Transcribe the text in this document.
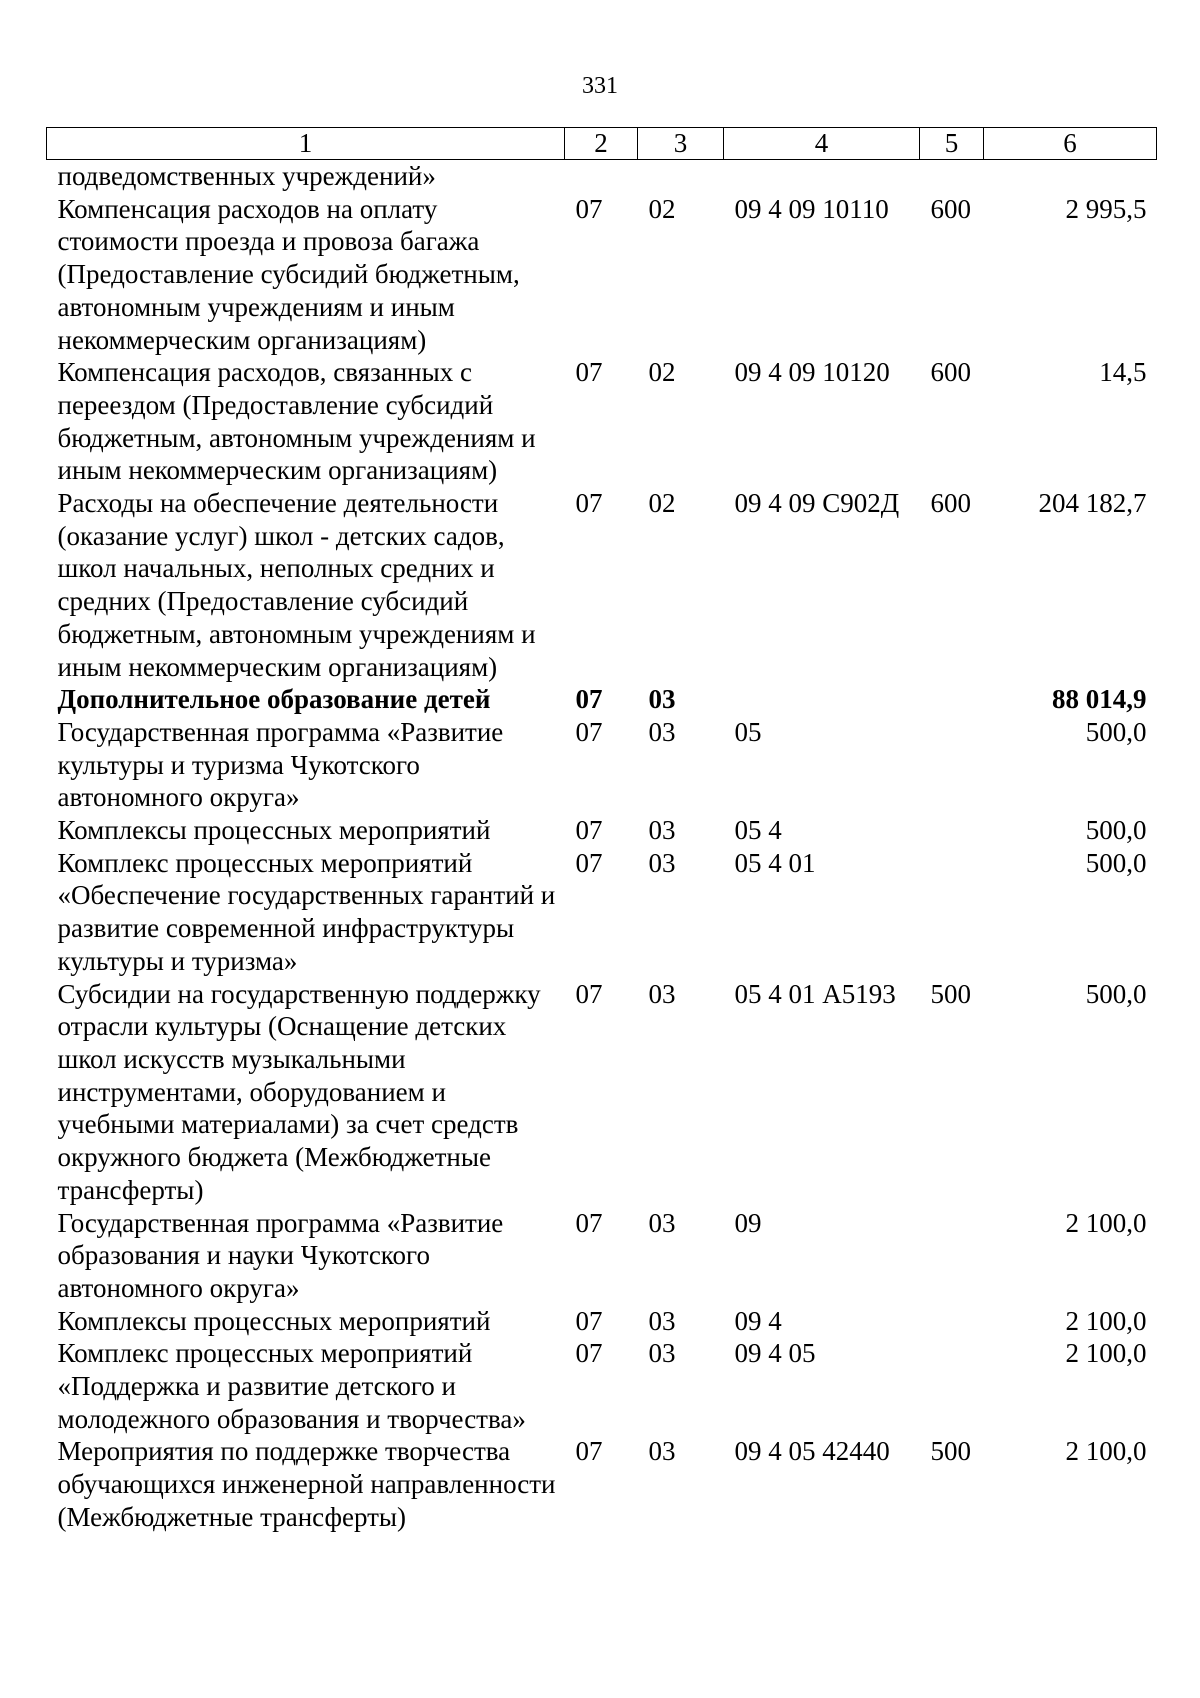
331
1	2	3	4	5	6
подведомственных учреждений»					
Компенсация расходов на оплату стоимости проезда и провоза багажа (Предоставление субсидий бюджетным, автономным учреждениям и иным некоммерческим организациям)	07	02	09 4 09 10110	600	2 995,5
Компенсация расходов, связанных с переездом (Предоставление субсидий бюджетным, автономным учреждениям и иным некоммерческим организациям)	07	02	09 4 09 10120	600	14,5
Расходы на обеспечение деятельности (оказание услуг) школ - детских садов, школ начальных, неполных средних и средних (Предоставление субсидий бюджетным, автономным учреждениям и иным некоммерческим организациям)	07	02	09 4 09 С902Д	600	204 182,7
Дополнительное образование детей	07	03			88 014,9
Государственная программа «Развитие культуры и туризма Чукотского автономного округа»	07	03	05		500,0
Комплексы процессных мероприятий	07	03	05 4		500,0
Комплекс процессных мероприятий «Обеспечение государственных гарантий и развитие современной инфраструктуры культуры и туризма»	07	03	05 4 01		500,0
Субсидии на государственную поддержку отрасли культуры (Оснащение детских школ искусств музыкальными инструментами, оборудованием и учебными материалами) за счет средств окружного бюджета (Межбюджетные трансферты)	07	03	05 4 01 А5193	500	500,0
Государственная программа «Развитие образования и науки Чукотского автономного округа»	07	03	09		2 100,0
Комплексы процессных мероприятий	07	03	09 4		2 100,0
Комплекс процессных мероприятий «Поддержка и развитие детского и молодежного образования и творчества»	07	03	09 4 05		2 100,0
Мероприятия по поддержке творчества обучающихся инженерной направленности (Межбюджетные трансферты)	07	03	09 4 05 42440	500	2 100,0
